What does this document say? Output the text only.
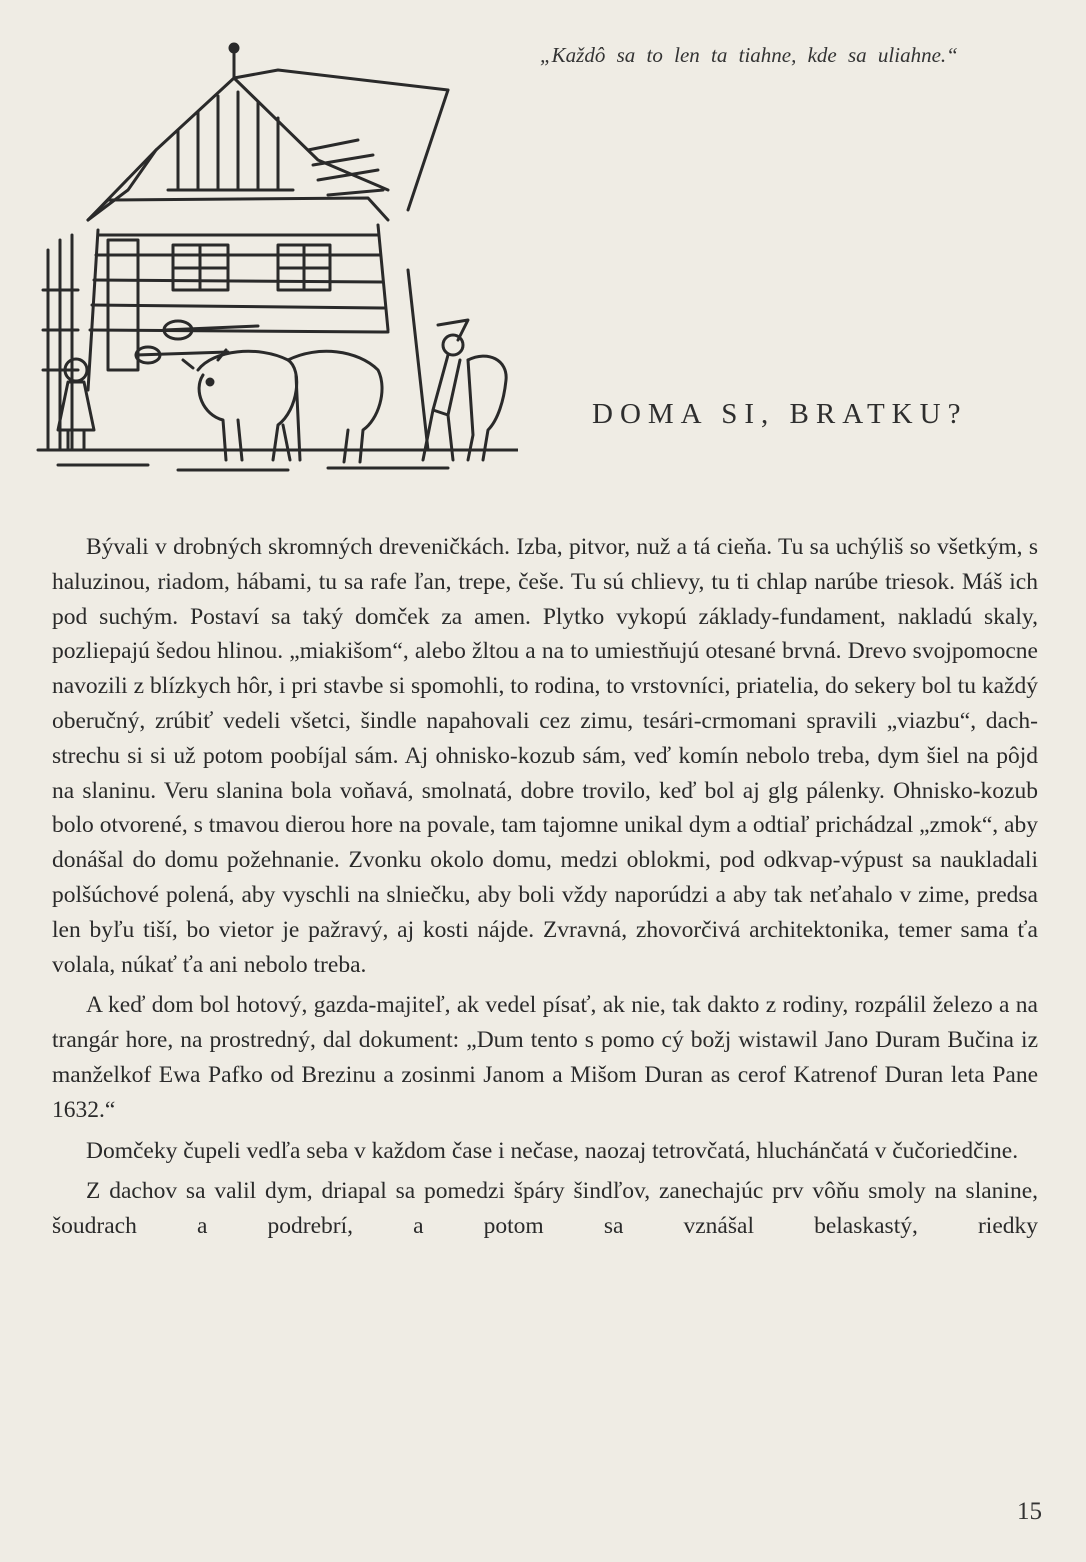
„Každô sa to len ta tiahne, kde sa uliahne.“
DOMA SI, BRATKU?

Bývali v drobných skromných dreveničkách. Izba, pitvor, nuž a tá cieňa. Tu sa uchýliš so všetkým, s haluzinou, riadom, hábami, tu sa rafe ľan, trepe, češe. Tu sú chlievy, tu ti chlap narúbe triesok. Máš ich pod suchým. Postaví sa taký domček za amen. Plytko vykopú základy-fundament, nakladú skaly, pozliepajú šedou hlinou. „miakišom“, alebo žltou a na to umiestňujú otesané brvná. Drevo svojpomocne navozili z blízkych hôr, i pri stavbe si spomohli, to rodina, to vrstovníci, priatelia, do sekery bol tu každý oberučný, zrúbiť vedeli všetci, šindle napahovali cez zimu, tesári-crmomani spravili „viazbu“, dach-strechu si si už potom poobíjal sám. Aj ohnisko-kozub sám, veď komín nebolo treba, dym šiel na pôjd na slaninu. Veru slanina bola voňavá, smolnatá, dobre trovilo, keď bol aj glg pálenky. Ohnisko-kozub bolo otvorené, s tmavou dierou hore na povale, tam tajomne unikal dym a odtiaľ prichádzal „zmok“, aby donášal do domu požehnanie. Zvonku okolo domu, medzi oblokmi, pod odkvap-výpust sa naukladali polšúchové polená, aby vyschli na slniečku, aby boli vždy naporúdzi a aby tak neťahalo v zime, predsa len byľu tiší, bo vietor je pažravý, aj kosti nájde. Zvravná, zhovorčivá architektonika, temer sama ťa volala, núkаť ťa ani nebolo treba.

A keď dom bol hotový, gazda-majiteľ, ak vedel písať, ak nie, tak dakto z rodiny, rozpálil železo a na trangár hore, na prostredný, dal dokument: „Dum tento s pomo cý božj wistawil Jano Duram Bučina iz manželkof Ewa Pafko od Brezinu a zosinmi Janom a Mišom Duran as cerof Katrenof Duran leta Pane 1632.“

Domčeky čupeli vedľa seba v každom čase i nečase, naozaj tetrovčatá, hluchánčatá v čučoriedčine.

Z dachov sa valil dym, driapal sa pomedzi špáry šindľov, zanechajúc prv vôňu smoly na slanine, šoudrach a podrebrí, a potom sa vznášal belaskastý, riedky

15
